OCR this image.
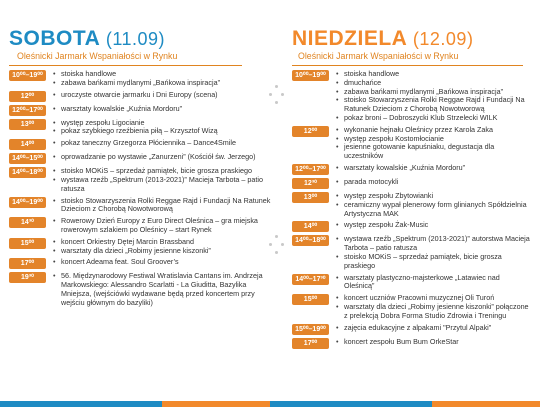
SOBOTA (11.09)
Oleśnicki Jarmark Wspaniałości w Rynku
10⁰⁰–19⁰⁰	• stoiska handlowe
• zabawa bańkami mydlanymi „Bańkowa inspiracja”
12⁰⁰	• uroczyste otwarcie jarmarku i Dni Europy (scena)
12⁰⁰–17⁰⁰	• warsztaty kowalskie „Kuźnia Mordoru”
13⁰⁰	• występ zespołu Ligocianie
• pokaz szybkiego rzeźbienia piłą – Krzysztof Wizą
14⁰⁰	• pokaz taneczny Grzegorza Płóciennika – Dance4Smile
14⁰⁰–15⁰⁰	• oprowadzanie po wystawie „Zanurzeni” (Kościół św. Jerzego)
14⁰⁰–18⁰⁰	• stoisko MOKiS – sprzedaż pamiątek, bicie grosza praskiego
• wystawa rzeźb „Spektrum (2013-2021)” Macieja Tarbota – patio ratusza
14⁰⁰–19⁰⁰	• stoisko Stowarzyszenia Rolki Reggae Rajd i Fundacji Na Ratunek Dzieciom z Chorobą Nowotworową
14³⁰	• Rowerowy Dzień Europy z Euro Direct Oleśnica – gra miejska rowerowym szlakiem po Oleśnicy – start Rynek
15⁰⁰	• koncert Orkiestry Dętej Marcin Brassband
• warsztaty dla dzieci „Robimy jesienne kiszonki”
17⁰⁰	• koncert Adeama feat. Soul Groover’s
19³⁰	• 56. Międzynarodowy Festiwal Wratislavia Cantans im. Andrzeja Markowskiego: Alessandro Scarlatti - La Giuditta, Bazylika Mniejsza, (wejściówki wydawane będą przed koncertem przy wejściu głównym do bazyliki)
NIEDZIELA (12.09)
Oleśnicki Jarmark Wspaniałości w Rynku
10⁰⁰–19⁰⁰	• stoiska handlowe
• dmuchańce
• zabawa bańkami mydlanymi „Bańkowa inspiracja”
• stoisko Stowarzyszenia Rolki Reggae Rajd i Fundacji Na Ratunek Dzieciom z Chorobą Nowotworową
• pokaz broni – Dobroszycki Klub Strzelecki WILK
12⁰⁰	• wykonanie hejnału Oleśnicy przez Karola Zaka
• występ zespołu Kostomłocianie
• jesienne gotowanie kapuśniaku, degustacja dla uczestników
12⁰⁰–17⁰⁰	• warsztaty kowalskie „Kuźnia Mordoru”
12³⁰	• parada motocykli
13⁰⁰	• występ zespołu Zbytowianki
• ceramiczny wypał plenerowy form glinianych Spółdzielnia Artystyczna MAK
14⁰⁰	• występ zespołu Żak-Music
14⁰⁰–18⁰⁰	• wystawa rzeźb „Spektrum (2013-2021)” autorstwa Macieja Tarbota – patio ratusza
• stoisko MOKiS – sprzedaż pamiątek, bicie grosza praskiego
14⁰⁰–17³⁰	• warsztaty plastyczno-majsterkowe „Latawiec nad Oleśnicą”
15⁰⁰	• koncert uczniów Pracowni muzycznej Oli Turoń
• warsztaty dla dzieci „Robimy jesienne kiszonki” połączone z prelekcją Dobra Forma Studio Zdrowia i Treningu
15⁰⁰–19⁰⁰	• zajęcia edukacyjne z alpakami "Przytul Alpaki"
17⁰⁰	• koncert zespołu Bum Bum OrkeStar
